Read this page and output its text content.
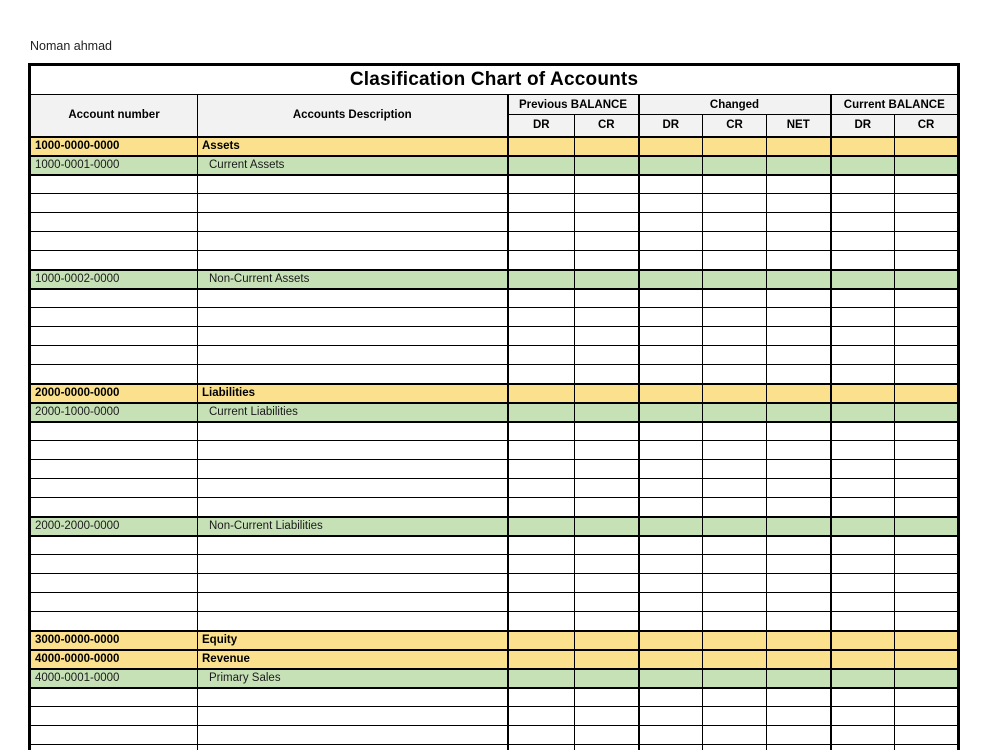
Noman ahmad
Clasification Chart of Accounts								
Account number	Accounts Description	Previous BALANCE		Changed			Current BALANCE	
		DR	CR	DR	CR	NET	DR	CR
1000-0000-0000	Assets							
1000-0001-0000	Current Assets							

1000-0002-0000	Non-Current Assets							

2000-0000-0000	Liabilities							
2000-1000-0000	Current Liabilities							

2000-2000-0000	Non-Current Liabilities							

3000-0000-0000	Equity							
4000-0000-0000	Revenue							
4000-0001-0000	Primary Sales							
